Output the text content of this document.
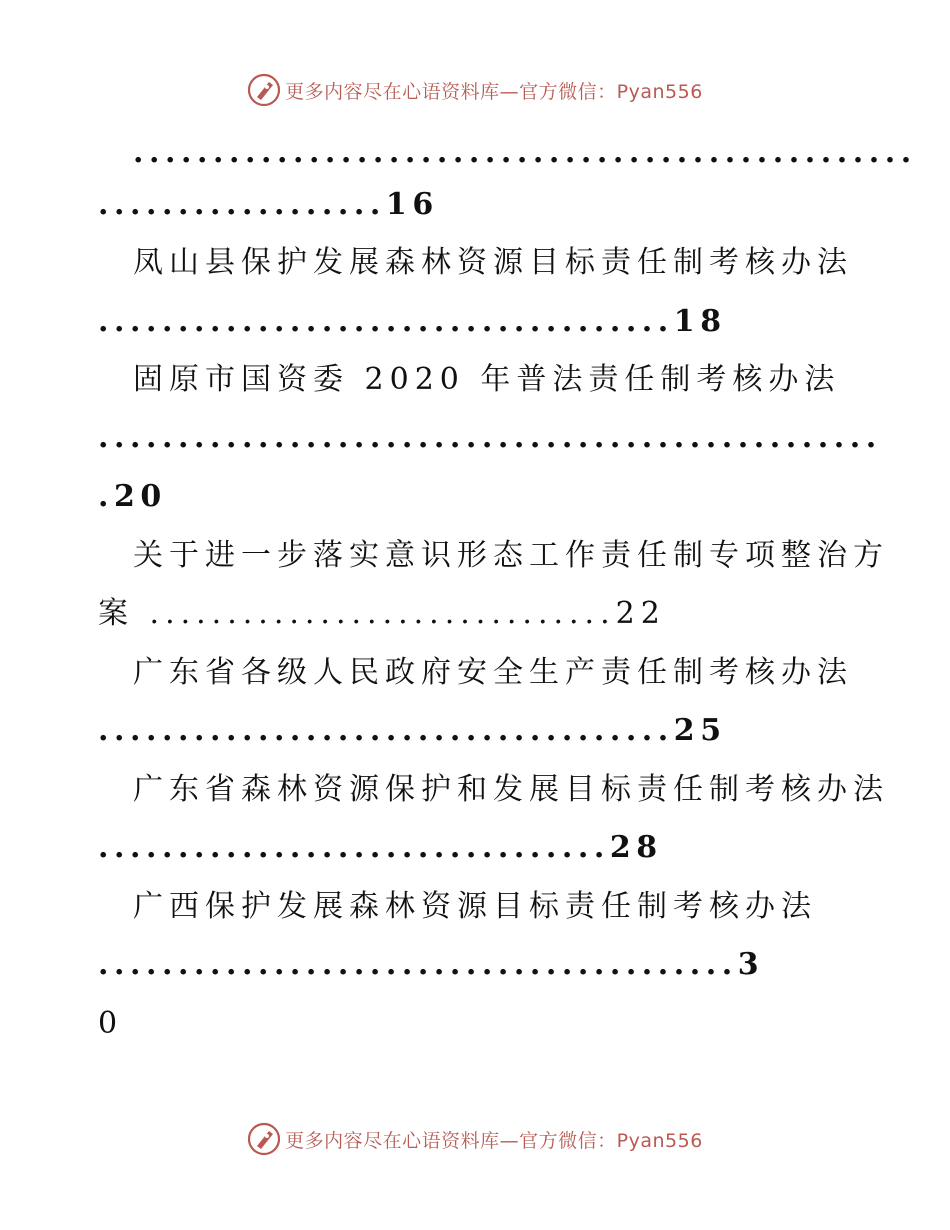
更多内容尽在心语资料库—官方微信：Pyan556
.................................................
..................16
凤山县保护发展森林资源目标责任制考核办法
....................................18
固原市国资委 2020 年普法责任制考核办法
.................................................
.20
关于进一步落实意识形态工作责任制专项整治方
案 ..............................22
广东省各级人民政府安全生产责任制考核办法
....................................25
广东省森林资源保护和发展目标责任制考核办法
................................28
广西保护发展森林资源目标责任制考核办法
........................................3
0
更多内容尽在心语资料库—官方微信：Pyan556
